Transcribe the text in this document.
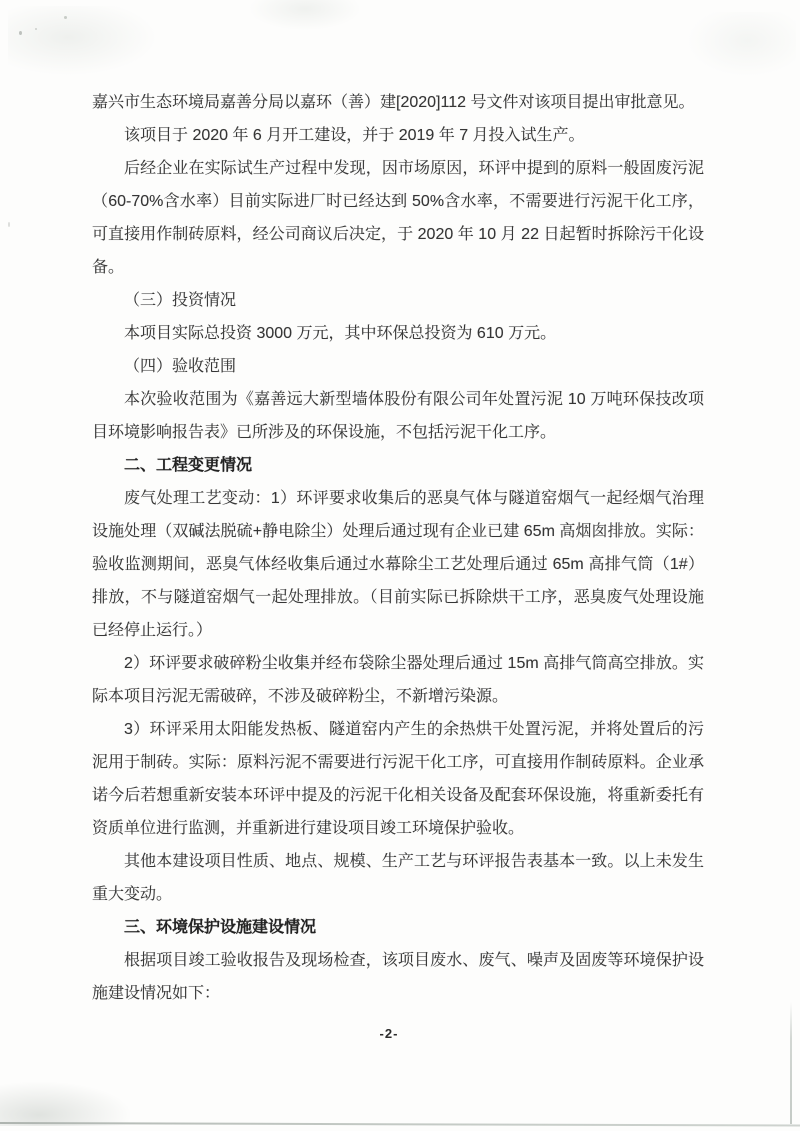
嘉兴市生态环境局嘉善分局以嘉环（善）建[2020]112 号文件对该项目提出审批意见。

该项目于 2020 年 6 月开工建设，并于 2019 年 7 月投入试生产。

后经企业在实际试生产过程中发现，因市场原因，环评中提到的原料一般固废污泥（60-70%含水率）目前实际进厂时已经达到 50%含水率，不需要进行污泥干化工序，可直接用作制砖原料，经公司商议后决定，于 2020 年 10 月 22 日起暂时拆除污干化设备。

（三）投资情况

本项目实际总投资 3000 万元，其中环保总投资为 610 万元。

（四）验收范围

本次验收范围为《嘉善远大新型墙体股份有限公司年处置污泥 10 万吨环保技改项目环境影响报告表》已所涉及的环保设施，不包括污泥干化工序。

二、工程变更情况

废气处理工艺变动：1）环评要求收集后的恶臭气体与隧道窑烟气一起经烟气治理设施处理（双碱法脱硫+静电除尘）处理后通过现有企业已建 65m 高烟囱排放。实际：验收监测期间，恶臭气体经收集后通过水幕除尘工艺处理后通过 65m 高排气筒（1#）排放，不与隧道窑烟气一起处理排放。（目前实际已拆除烘干工序，恶臭废气处理设施已经停止运行。）

2）环评要求破碎粉尘收集并经布袋除尘器处理后通过 15m 高排气筒高空排放。实际本项目污泥无需破碎，不涉及破碎粉尘，不新增污染源。

3）环评采用太阳能发热板、隧道窑内产生的余热烘干处置污泥，并将处置后的污泥用于制砖。实际：原料污泥不需要进行污泥干化工序，可直接用作制砖原料。企业承诺今后若想重新安装本环评中提及的污泥干化相关设备及配套环保设施，将重新委托有资质单位进行监测，并重新进行建设项目竣工环境保护验收。

其他本建设项目性质、地点、规模、生产工艺与环评报告表基本一致。以上未发生重大变动。

三、环境保护设施建设情况

根据项目竣工验收报告及现场检查，该项目废水、废气、噪声及固废等环境保护设施建设情况如下：

-2-
